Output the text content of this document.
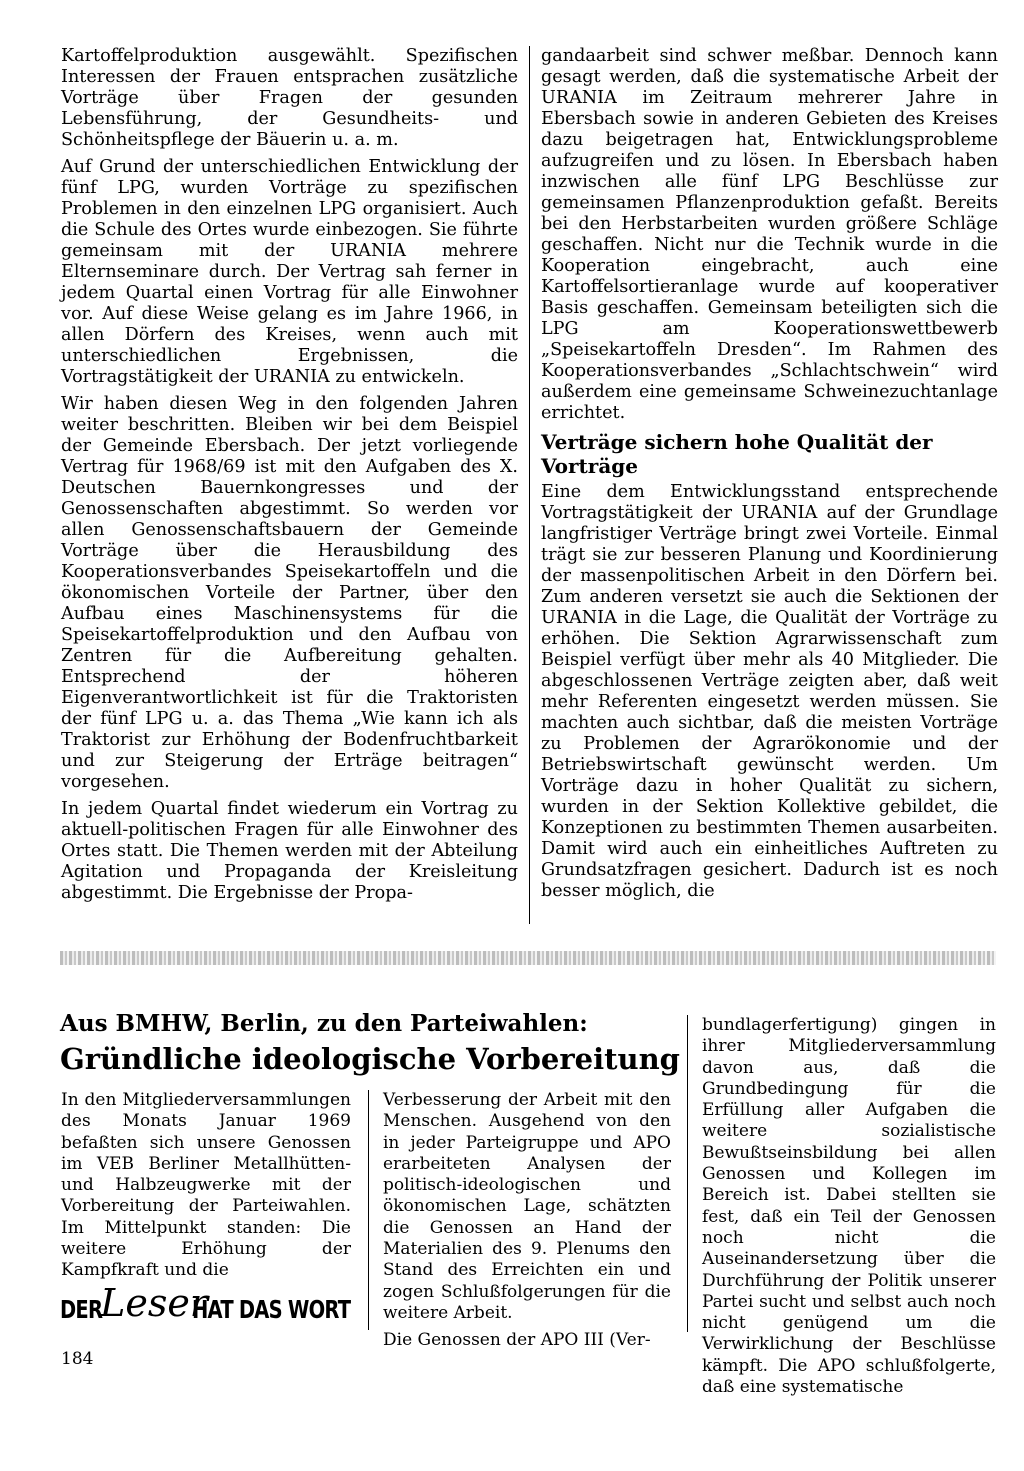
Kartoffelproduktion ausgewählt. Spezifischen Interessen der Frauen entsprachen zusätzliche Vorträge über Fragen der gesunden Lebensführung, der Gesundheits- und Schönheitspflege der Bäuerin u. a. m.

Auf Grund der unterschiedlichen Entwicklung der fünf LPG, wurden Vorträge zu spezifischen Problemen in den einzelnen LPG organisiert. Auch die Schule des Ortes wurde einbezogen. Sie führte gemeinsam mit der URANIA mehrere Elternseminare durch. Der Vertrag sah ferner in jedem Quartal einen Vortrag für alle Einwohner vor. Auf diese Weise gelang es im Jahre 1966, in allen Dörfern des Kreises, wenn auch mit unterschiedlichen Ergebnissen, die Vortragstätigkeit der URANIA zu entwickeln.

Wir haben diesen Weg in den folgenden Jahren weiter beschritten. Bleiben wir bei dem Beispiel der Gemeinde Ebersbach. Der jetzt vorliegende Vertrag für 1968/69 ist mit den Aufgaben des X. Deutschen Bauernkongresses und der Genossenschaften abgestimmt. So werden vor allen Genossenschaftsbauern der Gemeinde Vorträge über die Herausbildung des Kooperationsverbandes Speisekartoffeln und die ökonomischen Vorteile der Partner, über den Aufbau eines Maschinensystems für die Speisekartoffelproduktion und den Aufbau von Zentren für die Aufbereitung gehalten. Entsprechend der höheren Eigenverantwortlichkeit ist für die Traktoristen der fünf LPG u. a. das Thema „Wie kann ich als Traktorist zur Erhöhung der Bodenfruchtbarkeit und zur Steigerung der Erträge beitragen“ vorgesehen.

In jedem Quartal findet wiederum ein Vortrag zu aktuell-politischen Fragen für alle Einwohner des Ortes statt. Die Themen werden mit der Abteilung Agitation und Propaganda der Kreisleitung abgestimmt. Die Ergebnisse der Propa-

gandaarbeit sind schwer meßbar. Dennoch kann gesagt werden, daß die systematische Arbeit der URANIA im Zeitraum mehrerer Jahre in Ebersbach sowie in anderen Gebieten des Kreises dazu beigetragen hat, Entwicklungsprobleme aufzugreifen und zu lösen. In Ebersbach haben inzwischen alle fünf LPG Beschlüsse zur gemeinsamen Pflanzenproduktion gefaßt. Bereits bei den Herbstarbeiten wurden größere Schläge geschaffen. Nicht nur die Technik wurde in die Kooperation eingebracht, auch eine Kartoffelsortieranlage wurde auf kooperativer Basis geschaffen. Gemeinsam beteiligten sich die LPG am Kooperationswettbewerb „Speisekartoffeln Dresden“. Im Rahmen des Kooperationsverbandes „Schlachtschwein“ wird außerdem eine gemeinsame Schweinezuchtanlage errichtet.

Verträge sichern hohe Qualität der Vorträge

Eine dem Entwicklungsstand entsprechende Vortragstätigkeit der URANIA auf der Grundlage langfristiger Verträge bringt zwei Vorteile. Einmal trägt sie zur besseren Planung und Koordinierung der massenpolitischen Arbeit in den Dörfern bei. Zum anderen versetzt sie auch die Sektionen der URANIA in die Lage, die Qualität der Vorträge zu erhöhen. Die Sektion Agrarwissenschaft zum Beispiel verfügt über mehr als 40 Mitglieder. Die abgeschlossenen Verträge zeigten aber, daß weit mehr Referenten eingesetzt werden müssen. Sie machten auch sichtbar, daß die meisten Vorträge zu Problemen der Agrarökonomie und der Betriebswirtschaft gewünscht werden. Um Vorträge dazu in hoher Qualität zu sichern, wurden in der Sektion Kollektive gebildet, die Konzeptionen zu bestimmten Themen ausarbeiten. Damit wird auch ein einheitliches Auftreten zu Grundsatzfragen gesichert. Dadurch ist es noch besser möglich, die

Aus BMHW, Berlin, zu den Parteiwahlen:
Gründliche ideologische Vorbereitung

In den Mitgliederversammlungen des Monats Januar 1969 befaßten sich unsere Genossen im VEB Berliner Metallhütten- und Halbzeugwerke mit der Vorbereitung der Parteiwahlen. Im Mittelpunkt standen: Die weitere Erhöhung der Kampfkraft und die

Verbesserung der Arbeit mit den Menschen. Ausgehend von den in jeder Parteigruppe und APO erarbeiteten Analysen der politisch-ideologischen und ökonomischen Lage, schätzten die Genossen an Hand der Materialien des 9. Plenums den Stand des Erreichten ein und zogen Schlußfolgerungen für die weitere Arbeit.

Die Genossen der APO III (Ver-

bundlagerfertigung) gingen in ihrer Mitgliederversammlung davon aus, daß die Grundbedingung für die Erfüllung aller Aufgaben die weitere sozialistische Bewußtseinsbildung bei allen Genossen und Kollegen im Bereich ist. Dabei stellten sie fest, daß ein Teil der Genossen noch nicht die Auseinandersetzung über die Durchführung der Politik unserer Partei sucht und selbst auch noch nicht genügend um die Verwirklichung der Beschlüsse kämpft. Die APO schlußfolgerte, daß eine systematische

DER
Leser
HAT DAS WORT
184
